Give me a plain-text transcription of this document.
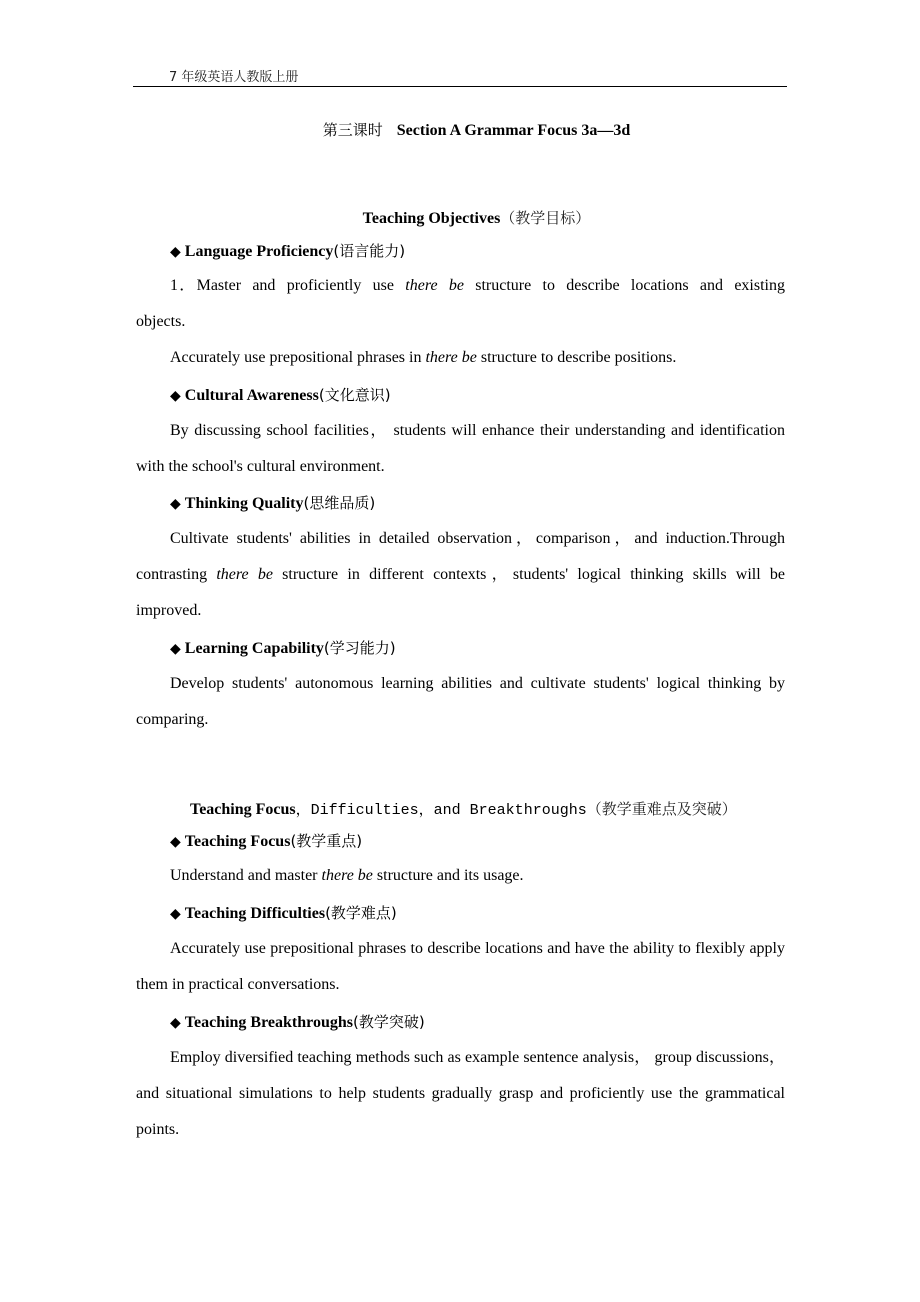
7 年级英语人教版上册
第三课时 Section A Grammar Focus 3a—3d
Teaching Objectives（教学目标）
◆ Language Proficiency(语言能力)
1．Master and proficiently use there be structure to describe locations and existing objects.
Accurately use prepositional phrases in there be structure to describe positions.
◆ Cultural Awareness(文化意识)
By discussing school facilities， students will enhance their understanding and identification with the school's cultural environment.
◆ Thinking Quality(思维品质)
Cultivate students' abilities in detailed observation，comparison，and induction.Through contrasting there be structure in different contexts，students' logical thinking skills will be improved.
◆ Learning Capability(学习能力)
Develop students' autonomous learning abilities and cultivate students' logical thinking by comparing.
Teaching Focus，Difficulties，and Breakthroughs（教学重难点及突破）
◆ Teaching Focus(教学重点)
Understand and master there be structure and its usage.
◆ Teaching Difficulties(教学难点)
Accurately use prepositional phrases to describe locations and have the ability to flexibly apply them in practical conversations.
◆ Teaching Breakthroughs(教学突破)
Employ diversified teaching methods such as example sentence analysis， group discussions，and situational simulations to help students gradually grasp and proficiently use the grammatical points.
